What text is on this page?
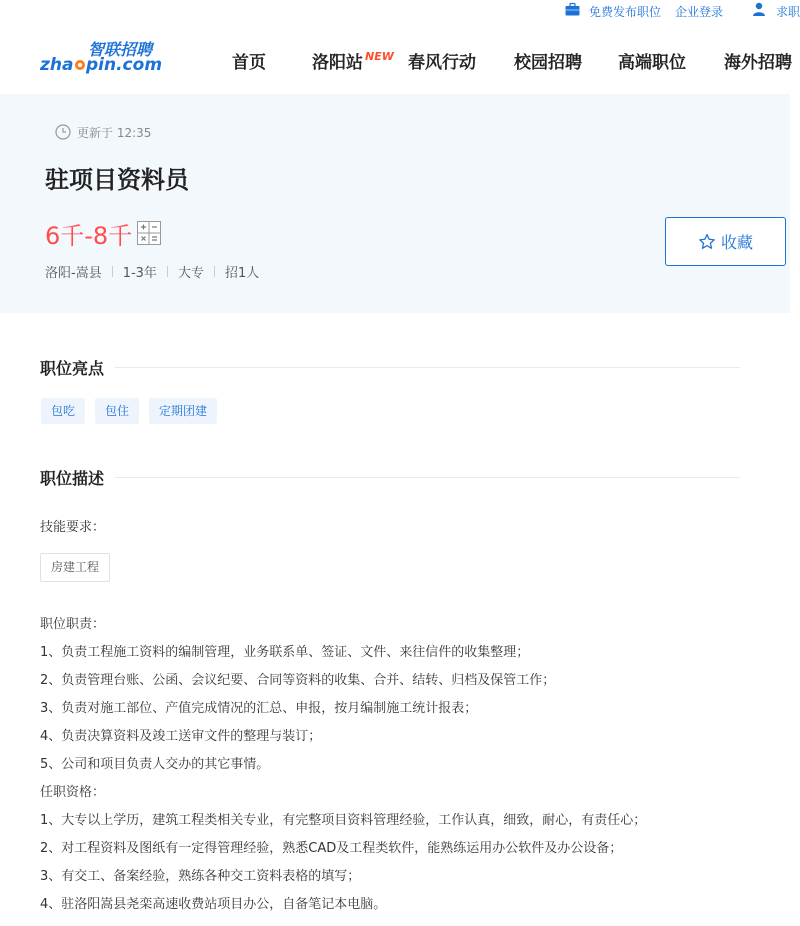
免费发布职位 企业登录	求职
智联招聘
zha pin.com	首页	洛阳站 NEW 春风行动 校园招聘 高端职位 海外招聘
更新于 12:35
驻项目资料员
6千-8千
洛阳-嵩县 1-3年 大专 招1人
收藏
职位亮点
包吃	包住	定期团建
职位描述
技能要求：
房建工程
职位职责：
1、负责工程施工资料的编制管理，业务联系单、签证、文件、来往信件的收集整理；
2、负责管理台账、公函、会议纪要、合同等资料的收集、合并、结转、归档及保管工作；
3、负责对施工部位、产值完成情况的汇总、申报，按月编制施工统计报表；
4、负责决算资料及竣工送审文件的整理与装订；
5、公司和项目负责人交办的其它事情。
任职资格：
1、大专以上学历，建筑工程类相关专业，有完整项目资料管理经验，工作认真，细致，耐心，有责任心；
2、对工程资料及图纸有一定得管理经验，熟悉CAD及工程类软件，能熟练运用办公软件及办公设备；
3、有交工、备案经验，熟练各种交工资料表格的填写；
4、驻洛阳嵩县尧栾高速收费站项目办公，自备笔记本电脑。
